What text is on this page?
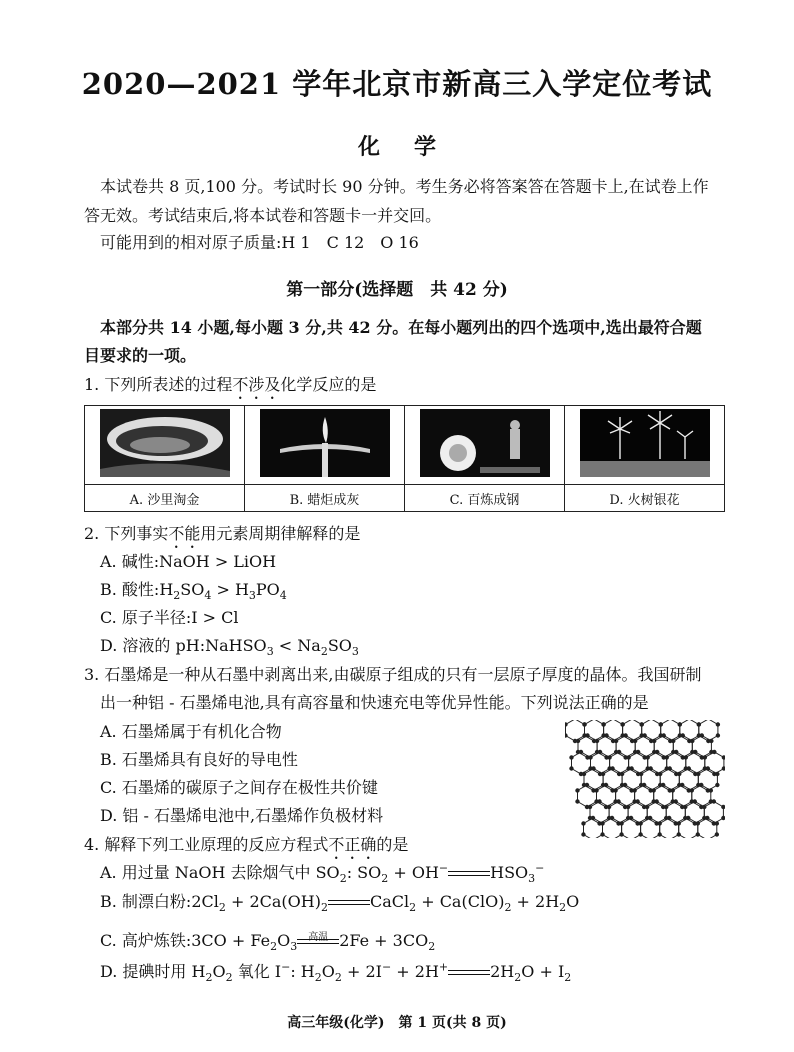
2020—2021 学年北京市新高三入学定位考试
化学
本试卷共 8 页,100 分。考试时长 90 分钟。考生务必将答案答在答题卡上,在试卷上作
答无效。考试结束后,将本试卷和答题卡一并交回。
可能用到的相对原子质量:H 1　C 12　O 16
第一部分(选择题　共 42 分)
本部分共 14 小题,每小题 3 分,共 42 分。在每小题列出的四个选项中,选出最符合题
目要求的一项。
1. 下列所表述的过程不涉及化学反应的是

A. 沙里淘金	B. 蜡炬成灰	C. 百炼成钢	D. 火树银花
2. 下列事实不能用元素周期律解释的是
A. 碱性:NaOH > LiOH
B. 酸性$:H_2SO_4 > H_3PO_4$
C. 原子半径:I > Cl
D. 溶液的 pH:NaHSO$_3$ < $Na_2SO_3$
3. 石墨烯是一种从石墨中剥离出来,由碳原子组成的只有一层原子厚度的晶体。我国研制
出一种铝 - 石墨烯电池,具有高容量和快速充电等优异性能。下列说法正确的是
A. 石墨烯属于有机化合物
B. 石墨烯具有良好的导电性
C. 石墨烯的碳原子之间存在极性共价键
D. 铝 - 石墨烯电池中,石墨烯作负极材料
4. 解释下列工业原理的反应方程式不正确的是
A. 用过量 NaOH 去除烟气中 $SO_2$: $SO_2 + OH^-$	$HSO_3^-$
B. 制漂白粉$:2Cl_2 + 2Ca(OH)_2$	CaCl$_2$ + $Ca(ClO)_2 + 2H_2O$
C. 高炉炼铁:3CO + $Fe_2O_3$
高温 $2Fe + 3CO_2$
D. 提碘时用 $H_2O_2$ 氧化 I−: $H_2O_2 + 2I^- + 2H^+$	$2H_2O + I_2$
高三年级(化学)　第 1 页(共 8 页)
